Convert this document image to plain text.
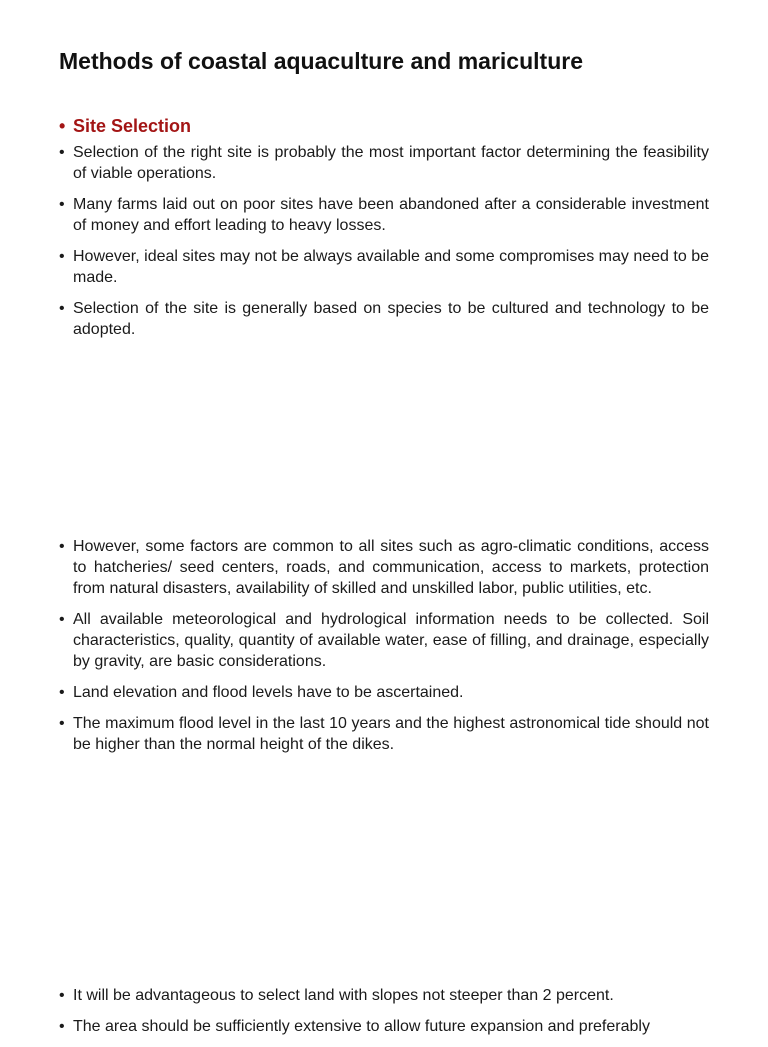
Methods of coastal aquaculture and mariculture
• Site Selection
• Selection of the right site is probably the most important factor determining the feasibility of viable operations.
• Many farms laid out on poor sites have been abandoned after a considerable investment of money and effort leading to heavy losses.
• However, ideal sites may not be always available and some compromises may need to be made.
• Selection of the site is generally based on species to be cultured and technology to be adopted.
• However, some factors are common to all sites such as agro-climatic conditions, access to hatcheries/ seed centers, roads, and communication, access to markets, protection from natural disasters, availability of skilled and unskilled labor, public utilities, etc.
• All available meteorological and hydrological information needs to be collected. Soil characteristics, quality, quantity of available water, ease of filling, and drainage, especially by gravity, are basic considerations.
• Land elevation and flood levels have to be ascertained.
• The maximum flood level in the last 10 years and the highest astronomical tide should not be higher than the normal height of the dikes.
• It will be advantageous to select land with slopes not steeper than 2 percent.
• The area should be sufficiently extensive to allow future expansion and preferably
